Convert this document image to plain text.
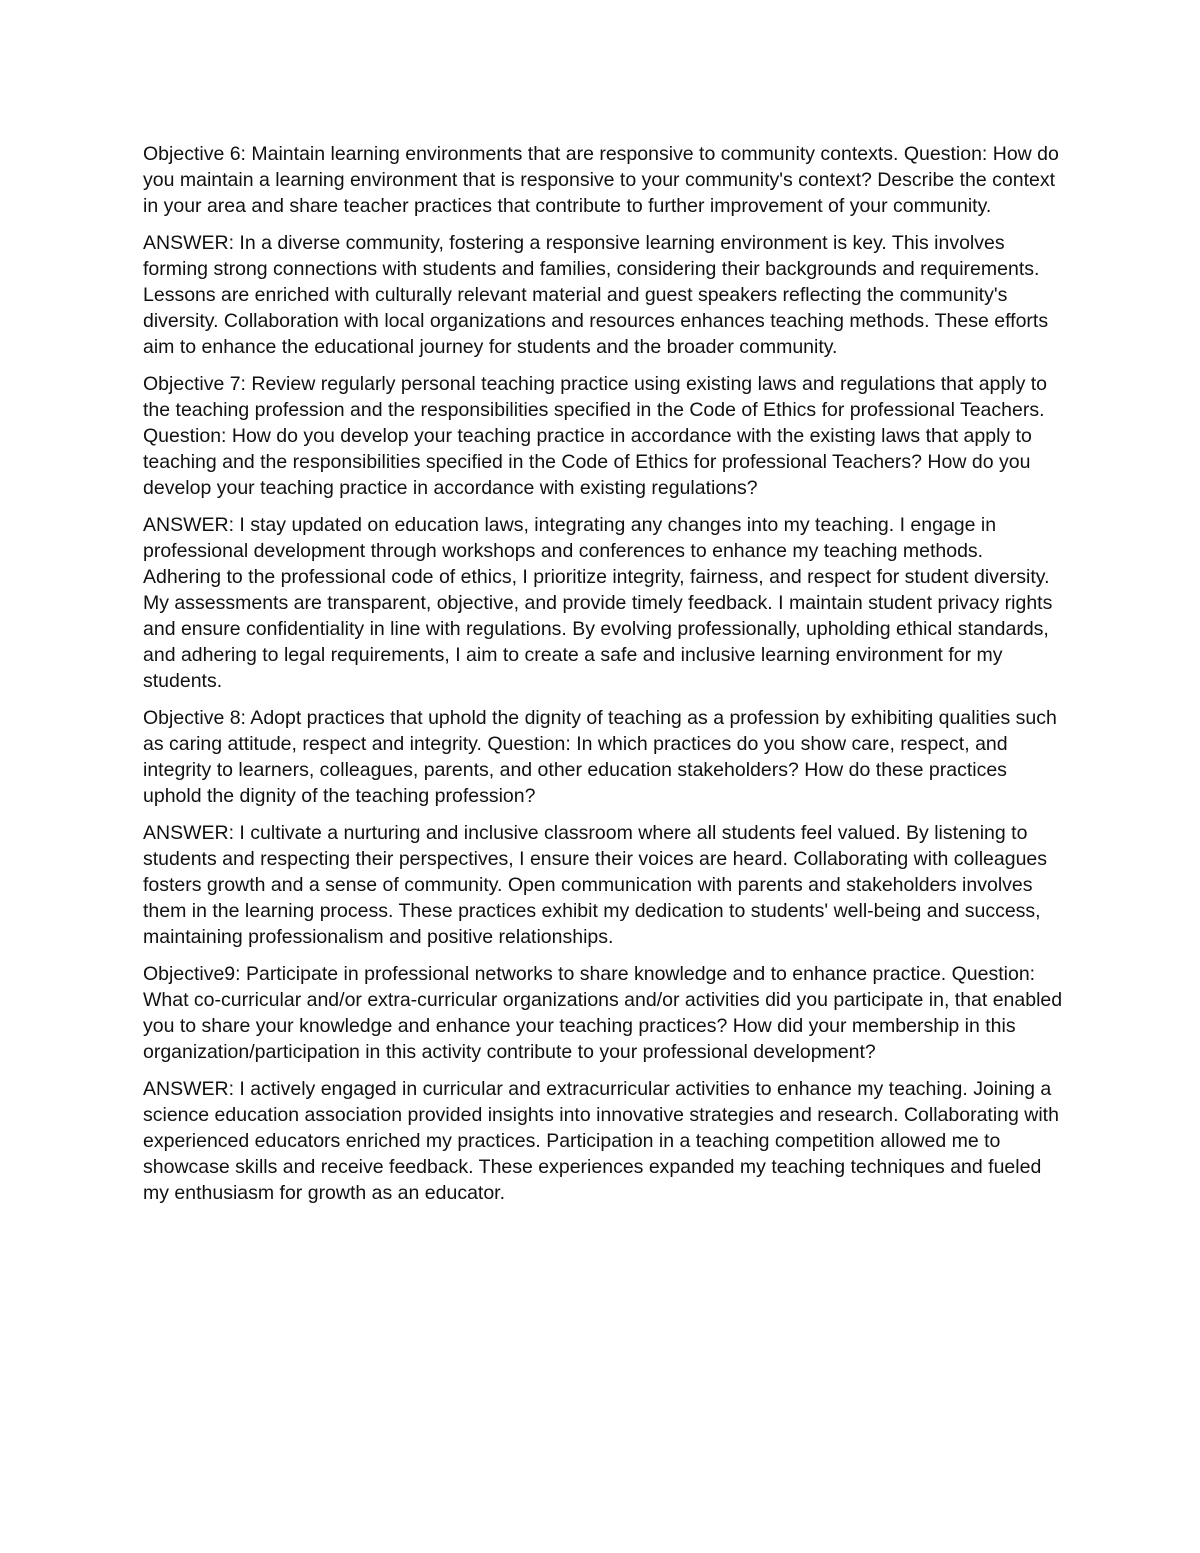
Objective 6: Maintain learning environments that are responsive to community contexts. Question: How do you maintain a learning environment that is responsive to your community's context? Describe the context in your area and share teacher practices that contribute to further improvement of your community.

ANSWER: In a diverse community, fostering a responsive learning environment is key. This involves forming strong connections with students and families, considering their backgrounds and requirements. Lessons are enriched with culturally relevant material and guest speakers reflecting the community's diversity. Collaboration with local organizations and resources enhances teaching methods. These efforts aim to enhance the educational journey for students and the broader community.

Objective 7: Review regularly personal teaching practice using existing laws and regulations that apply to the teaching profession and the responsibilities specified in the Code of Ethics for professional Teachers. Question: How do you develop your teaching practice in accordance with the existing laws that apply to teaching and the responsibilities specified in the Code of Ethics for professional Teachers? How do you develop your teaching practice in accordance with existing regulations?

ANSWER: I stay updated on education laws, integrating any changes into my teaching. I engage in professional development through workshops and conferences to enhance my teaching methods. Adhering to the professional code of ethics, I prioritize integrity, fairness, and respect for student diversity. My assessments are transparent, objective, and provide timely feedback. I maintain student privacy rights and ensure confidentiality in line with regulations. By evolving professionally, upholding ethical standards, and adhering to legal requirements, I aim to create a safe and inclusive learning environment for my students.

Objective 8: Adopt practices that uphold the dignity of teaching as a profession by exhibiting qualities such as caring attitude, respect and integrity. Question: In which practices do you show care, respect, and integrity to learners, colleagues, parents, and other education stakeholders? How do these practices uphold the dignity of the teaching profession?

ANSWER: I cultivate a nurturing and inclusive classroom where all students feel valued. By listening to students and respecting their perspectives, I ensure their voices are heard. Collaborating with colleagues fosters growth and a sense of community. Open communication with parents and stakeholders involves them in the learning process. These practices exhibit my dedication to students' well-being and success, maintaining professionalism and positive relationships.

Objective9: Participate in professional networks to share knowledge and to enhance practice. Question: What co-curricular and/or extra-curricular organizations and/or activities did you participate in, that enabled you to share your knowledge and enhance your teaching practices? How did your membership in this organization/participation in this activity contribute to your professional development?

ANSWER: I actively engaged in curricular and extracurricular activities to enhance my teaching. Joining a science education association provided insights into innovative strategies and research. Collaborating with experienced educators enriched my practices. Participation in a teaching competition allowed me to showcase skills and receive feedback. These experiences expanded my teaching techniques and fueled my enthusiasm for growth as an educator.
